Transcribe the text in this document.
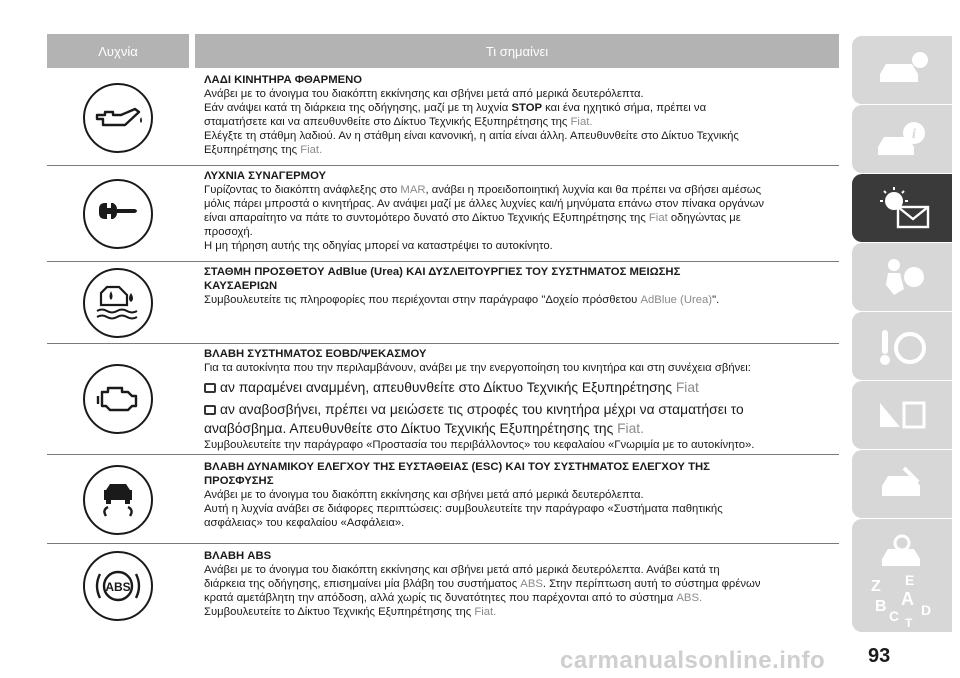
Λυχνία	Τι σημαίνει
ΛΑΔΙ ΚΙΝΗΤΗΡΑ ΦΘΑΡΜΕΝΟ
Ανάβει με το άνοιγμα του διακόπτη εκκίνησης και σβήνει μετά από μερικά δευτερόλεπτα.
Εάν ανάψει κατά τη διάρκεια της οδήγησης, μαζί με τη λυχνία STOP και ένα ηχητικό σήμα, πρέπει να
σταματήσετε και να απευθυνθείτε στο Δίκτυο Τεχνικής Εξυπηρέτησης της Fiat.
Ελέγξτε τη στάθμη λαδιού. Αν η στάθμη είναι κανονική, η αιτία είναι άλλη. Απευθυνθείτε στο Δίκτυο Τεχνικής
Εξυπηρέτησης της Fiat.
ΛΥΧΝΙΑ ΣΥΝΑΓΕΡΜΟΥ
Γυρίζοντας το διακόπτη ανάφλεξης στο MAR, ανάβει η προειδοποιητική λυχνία και θα πρέπει να σβήσει αμέσως
μόλις πάρει μπροστά ο κινητήρας. Αν ανάψει μαζί με άλλες λυχνίες και/ή μηνύματα επάνω στον πίνακα οργάνων
είναι απαραίτητο να πάτε το συντομότερο δυνατό στο Δίκτυο Τεχνικής Εξυπηρέτησης της Fiat οδηγώντας με
προσοχή.
Η μη τήρηση αυτής της οδηγίας μπορεί να καταστρέψει το αυτοκίνητο.
ΣΤΑΘΜΗ ΠΡΟΣΘΕΤΟΥ AdBlue (Urea) ΚΑΙ ΔΥΣΛΕΙΤΟΥΡΓΙΕΣ ΤΟΥ ΣΥΣΤΗΜΑΤΟΣ ΜΕΙΩΣΗΣ
ΚΑΥΣΑΕΡΙΩΝ
Συμβουλευτείτε τις πληροφορίες που περιέχονται στην παράγραφο "Δοχείο πρόσθετου AdBlue (Urea)".
ΒΛΑΒΗ ΣΥΣΤΗΜΑΤΟΣ EOBD/ΨΕΚΑΣΜΟΥ
Για τα αυτοκίνητα που την περιλαμβάνουν, ανάβει με την ενεργοποίηση του κινητήρα και στη συνέχεια σβήνει:
αν παραμένει αναμμένη, απευθυνθείτε στο Δίκτυο Τεχνικής Εξυπηρέτησης Fiat
αν αναβοσβήνει, πρέπει να μειώσετε τις στροφές του κινητήρα μέχρι να σταματήσει το
αναβόσβημα. Απευθυνθείτε στο Δίκτυο Τεχνικής Εξυπηρέτησης της Fiat.
Συμβουλευτείτε την παράγραφο «Προστασία του περιβάλλοντος» του κεφαλαίου «Γνωριμία με το αυτοκίνητο».
ΒΛΑΒΗ ΔΥΝΑΜΙΚΟΥ ΕΛΕΓΧΟΥ ΤΗΣ ΕΥΣΤΑΘΕΙΑΣ (ESC) ΚΑΙ ΤΟΥ ΣΥΣΤΗΜΑΤΟΣ ΕΛΕΓΧΟΥ ΤΗΣ
ΠΡΟΣΦΥΣΗΣ
Ανάβει με το άνοιγμα του διακόπτη εκκίνησης και σβήνει μετά από μερικά δευτερόλεπτα.
Αυτή η λυχνία ανάβει σε διάφορες περιπτώσεις: συμβουλευτείτε την παράγραφο «Συστήματα παθητικής
ασφάλειας» του κεφαλαίου «Ασφάλεια».
ABS
ΒΛΑΒΗ ABS
Ανάβει με το άνοιγμα του διακόπτη εκκίνησης και σβήνει μετά από μερικά δευτερόλεπτα. Ανάβει κατά τη
διάρκεια της οδήγησης, επισημαίνει μία βλάβη του συστήματος ABS. Στην περίπτωση αυτή το σύστημα φρένων
κρατά αμετάβλητη την απόδοση, αλλά χωρίς τις δυνατότητες που παρέχονται από το σύστημα ABS.
Συμβουλευτείτε το Δίκτυο Τεχνικής Εξυπηρέτησης της Fiat.
i
Z E
B A
C D
T
carmanualsonline.info 93
